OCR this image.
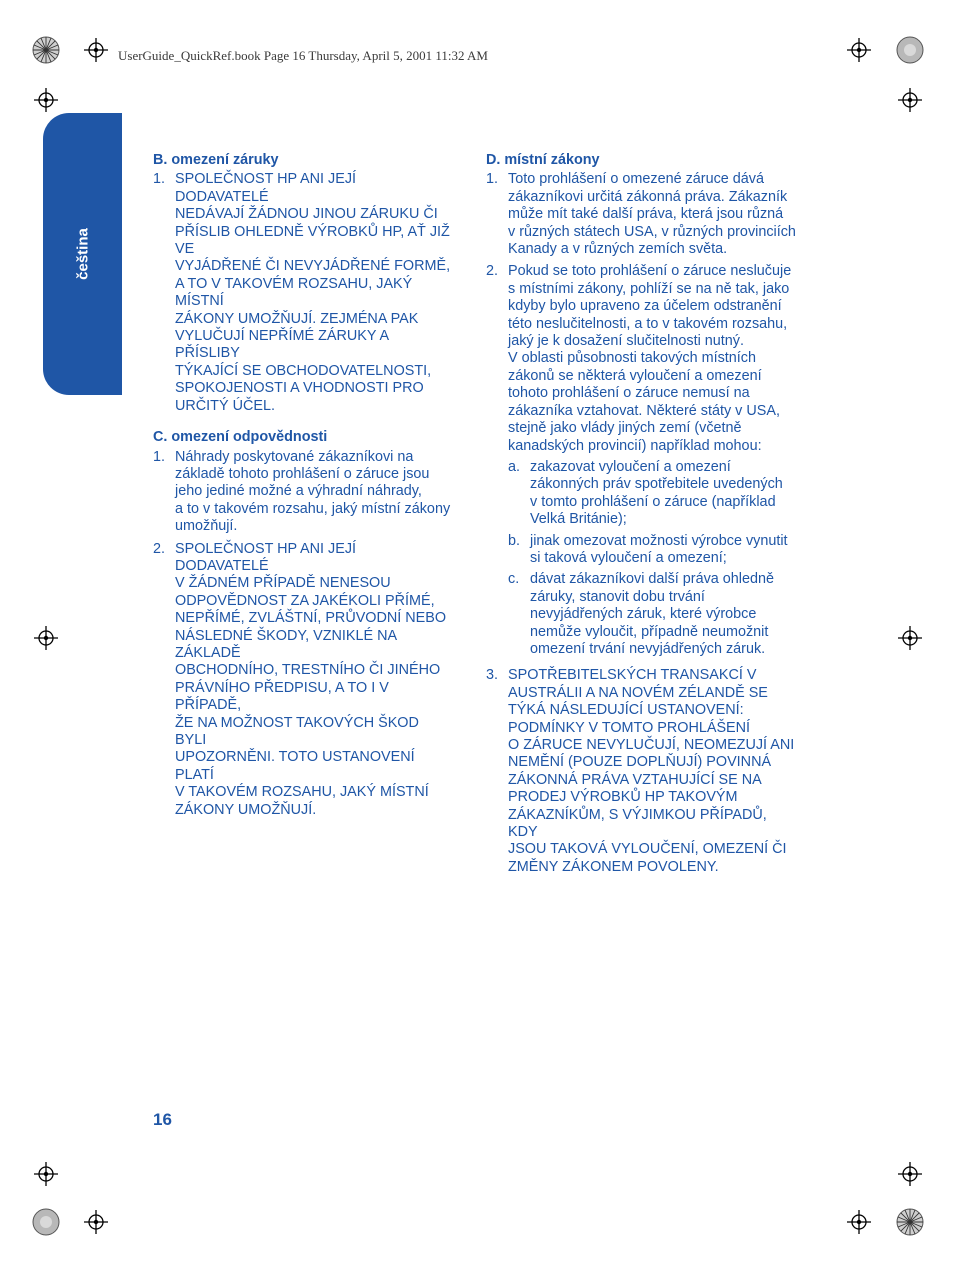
UserGuide_QuickRef.book Page 16 Thursday, April 5, 2001 11:32 AM
čeština
B. omezení záruky
1. SPOLEČNOST HP ANI JEJÍ DODAVATELÉ
NEDÁVAJÍ ŽÁDNOU JINOU ZÁRUKU ČI
PŘÍSLIB OHLEDNĚ VÝROBKŮ HP, AŤ JIŽ VE
VYJÁDŘENÉ ČI NEVYJÁDŘENÉ FORMĚ,
A TO V TAKOVÉM ROZSAHU, JAKÝ MÍSTNÍ
ZÁKONY UMOŽŇUJÍ. ZEJMÉNA PAK
VYLUČUJÍ NEPŘÍMÉ ZÁRUKY A PŘÍSLIBY
TÝKAJÍCÍ SE OBCHODOVATELNOSTI,
SPOKOJENOSTI A VHODNOSTI PRO
URČITÝ ÚČEL.
C. omezení odpovědnosti
1. Náhrady poskytované zákazníkovi na
základě tohoto prohlášení o záruce jsou
jeho jediné možné a výhradní náhrady,
a to v takovém rozsahu, jaký místní zákony
umožňují.
2. SPOLEČNOST HP ANI JEJÍ DODAVATELÉ
V ŽÁDNÉM PŘÍPADĚ NENESOU
ODPOVĚDNOST ZA JAKÉKOLI PŘÍMÉ,
NEPŘÍMÉ, ZVLÁŠTNÍ, PRŮVODNÍ NEBO
NÁSLEDNÉ ŠKODY, VZNIKLÉ NA ZÁKLADĚ
OBCHODNÍHO, TRESTNÍHO ČI JINÉHO
PRÁVNÍHO PŘEDPISU, A TO I V PŘÍPADĚ,
ŽE NA MOŽNOST TAKOVÝCH ŠKOD BYLI
UPOZORNĚNI. TOTO USTANOVENÍ PLATÍ
V TAKOVÉM ROZSAHU, JAKÝ MÍSTNÍ
ZÁKONY UMOŽŇUJÍ.
D. místní zákony
1. Toto prohlášení o omezené záruce dává
zákazníkovi určitá zákonná práva. Zákazník
může mít také další práva, která jsou různá
v různých státech USA, v různých provinciích
Kanady a v různých zemích světa.
2. Pokud se toto prohlášení o záruce neslučuje
s místními zákony, pohlíží se na ně tak, jako
kdyby bylo upraveno za účelem odstranění
této neslučitelnosti, a to v takovém rozsahu,
jaký je k dosažení slučitelnosti nutný.
V oblasti působnosti takových místních
zákonů se některá vyloučení a omezení
tohoto prohlášení o záruce nemusí na
zákazníka vztahovat. Některé státy v USA,
stejně jako vlády jiných zemí (včetně
kanadských provincií) například mohou:
a. zakazovat vyloučení a omezení
zákonných práv spotřebitele uvedených
v tomto prohlášení o záruce (například
Velká Británie);
b. jinak omezovat možnosti výrobce vynutit
si taková vyloučení a omezení;
c. dávat zákazníkovi další práva ohledně
záruky, stanovit dobu trvání
nevyjádřených záruk, které výrobce
nemůže vyloučit, případně neumožnit
omezení trvání nevyjádřených záruk.
3. SPOTŘEBITELSKÝCH TRANSAKCÍ V
AUSTRÁLII A NA NOVÉM ZÉLANDĚ SE
TÝKÁ NÁSLEDUJÍCÍ USTANOVENÍ:
PODMÍNKY V TOMTO PROHLÁŠENÍ
O ZÁRUCE NEVYLUČUJÍ, NEOMEZUJÍ ANI
NEMĚNÍ (POUZE DOPLŇUJÍ) POVINNÁ
ZÁKONNÁ PRÁVA VZTAHUJÍCÍ SE NA
PRODEJ VÝROBKŮ HP TAKOVÝM
ZÁKAZNÍKŮM, S VÝJIMKOU PŘÍPADŮ, KDY
JSOU TAKOVÁ VYLOUČENÍ, OMEZENÍ ČI
ZMĚNY ZÁKONEM POVOLENY.
16
